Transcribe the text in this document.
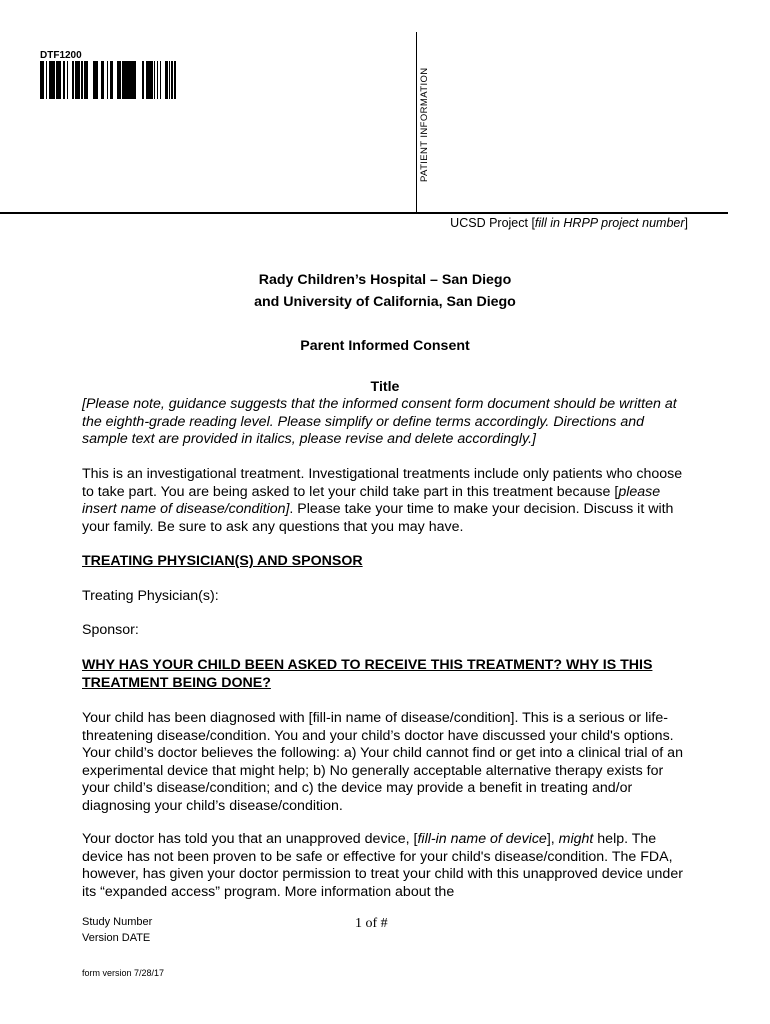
DTF1200
PATIENT INFORMATION
UCSD Project [fill in HRPP project number]
Rady Children’s Hospital – San Diego
and University of California, San Diego
Parent Informed Consent
Title
[Please note, guidance suggests that the informed consent form document should be written at the eighth-grade reading level. Please simplify or define terms accordingly. Directions and sample text are provided in italics, please revise and delete accordingly.]
This is an investigational treatment. Investigational treatments include only patients who choose to take part. You are being asked to let your child take part in this treatment because [please insert name of disease/condition]. Please take your time to make your decision. Discuss it with your family. Be sure to ask any questions that you may have.
TREATING PHYSICIAN(S) AND SPONSOR
Treating Physician(s):
Sponsor:
WHY HAS YOUR CHILD BEEN ASKED TO RECEIVE THIS TREATMENT? WHY IS THIS TREATMENT BEING DONE?
Your child has been diagnosed with [fill-in name of disease/condition]. This is a serious or life-threatening disease/condition. You and your child’s doctor have discussed your child's options. Your child’s doctor believes the following: a) Your child cannot find or get into a clinical trial of an experimental device that might help; b) No generally acceptable alternative therapy exists for your child’s disease/condition; and c) the device may provide a benefit in treating and/or diagnosing your child’s disease/condition.
Your doctor has told you that an unapproved device, [fill-in name of device], might help. The device has not been proven to be safe or effective for your child's disease/condition. The FDA, however, has given your doctor permission to treat your child with this unapproved device under its “expanded access” program. More information about the
Study Number
Version DATE
1 of #
form version 7/28/17
